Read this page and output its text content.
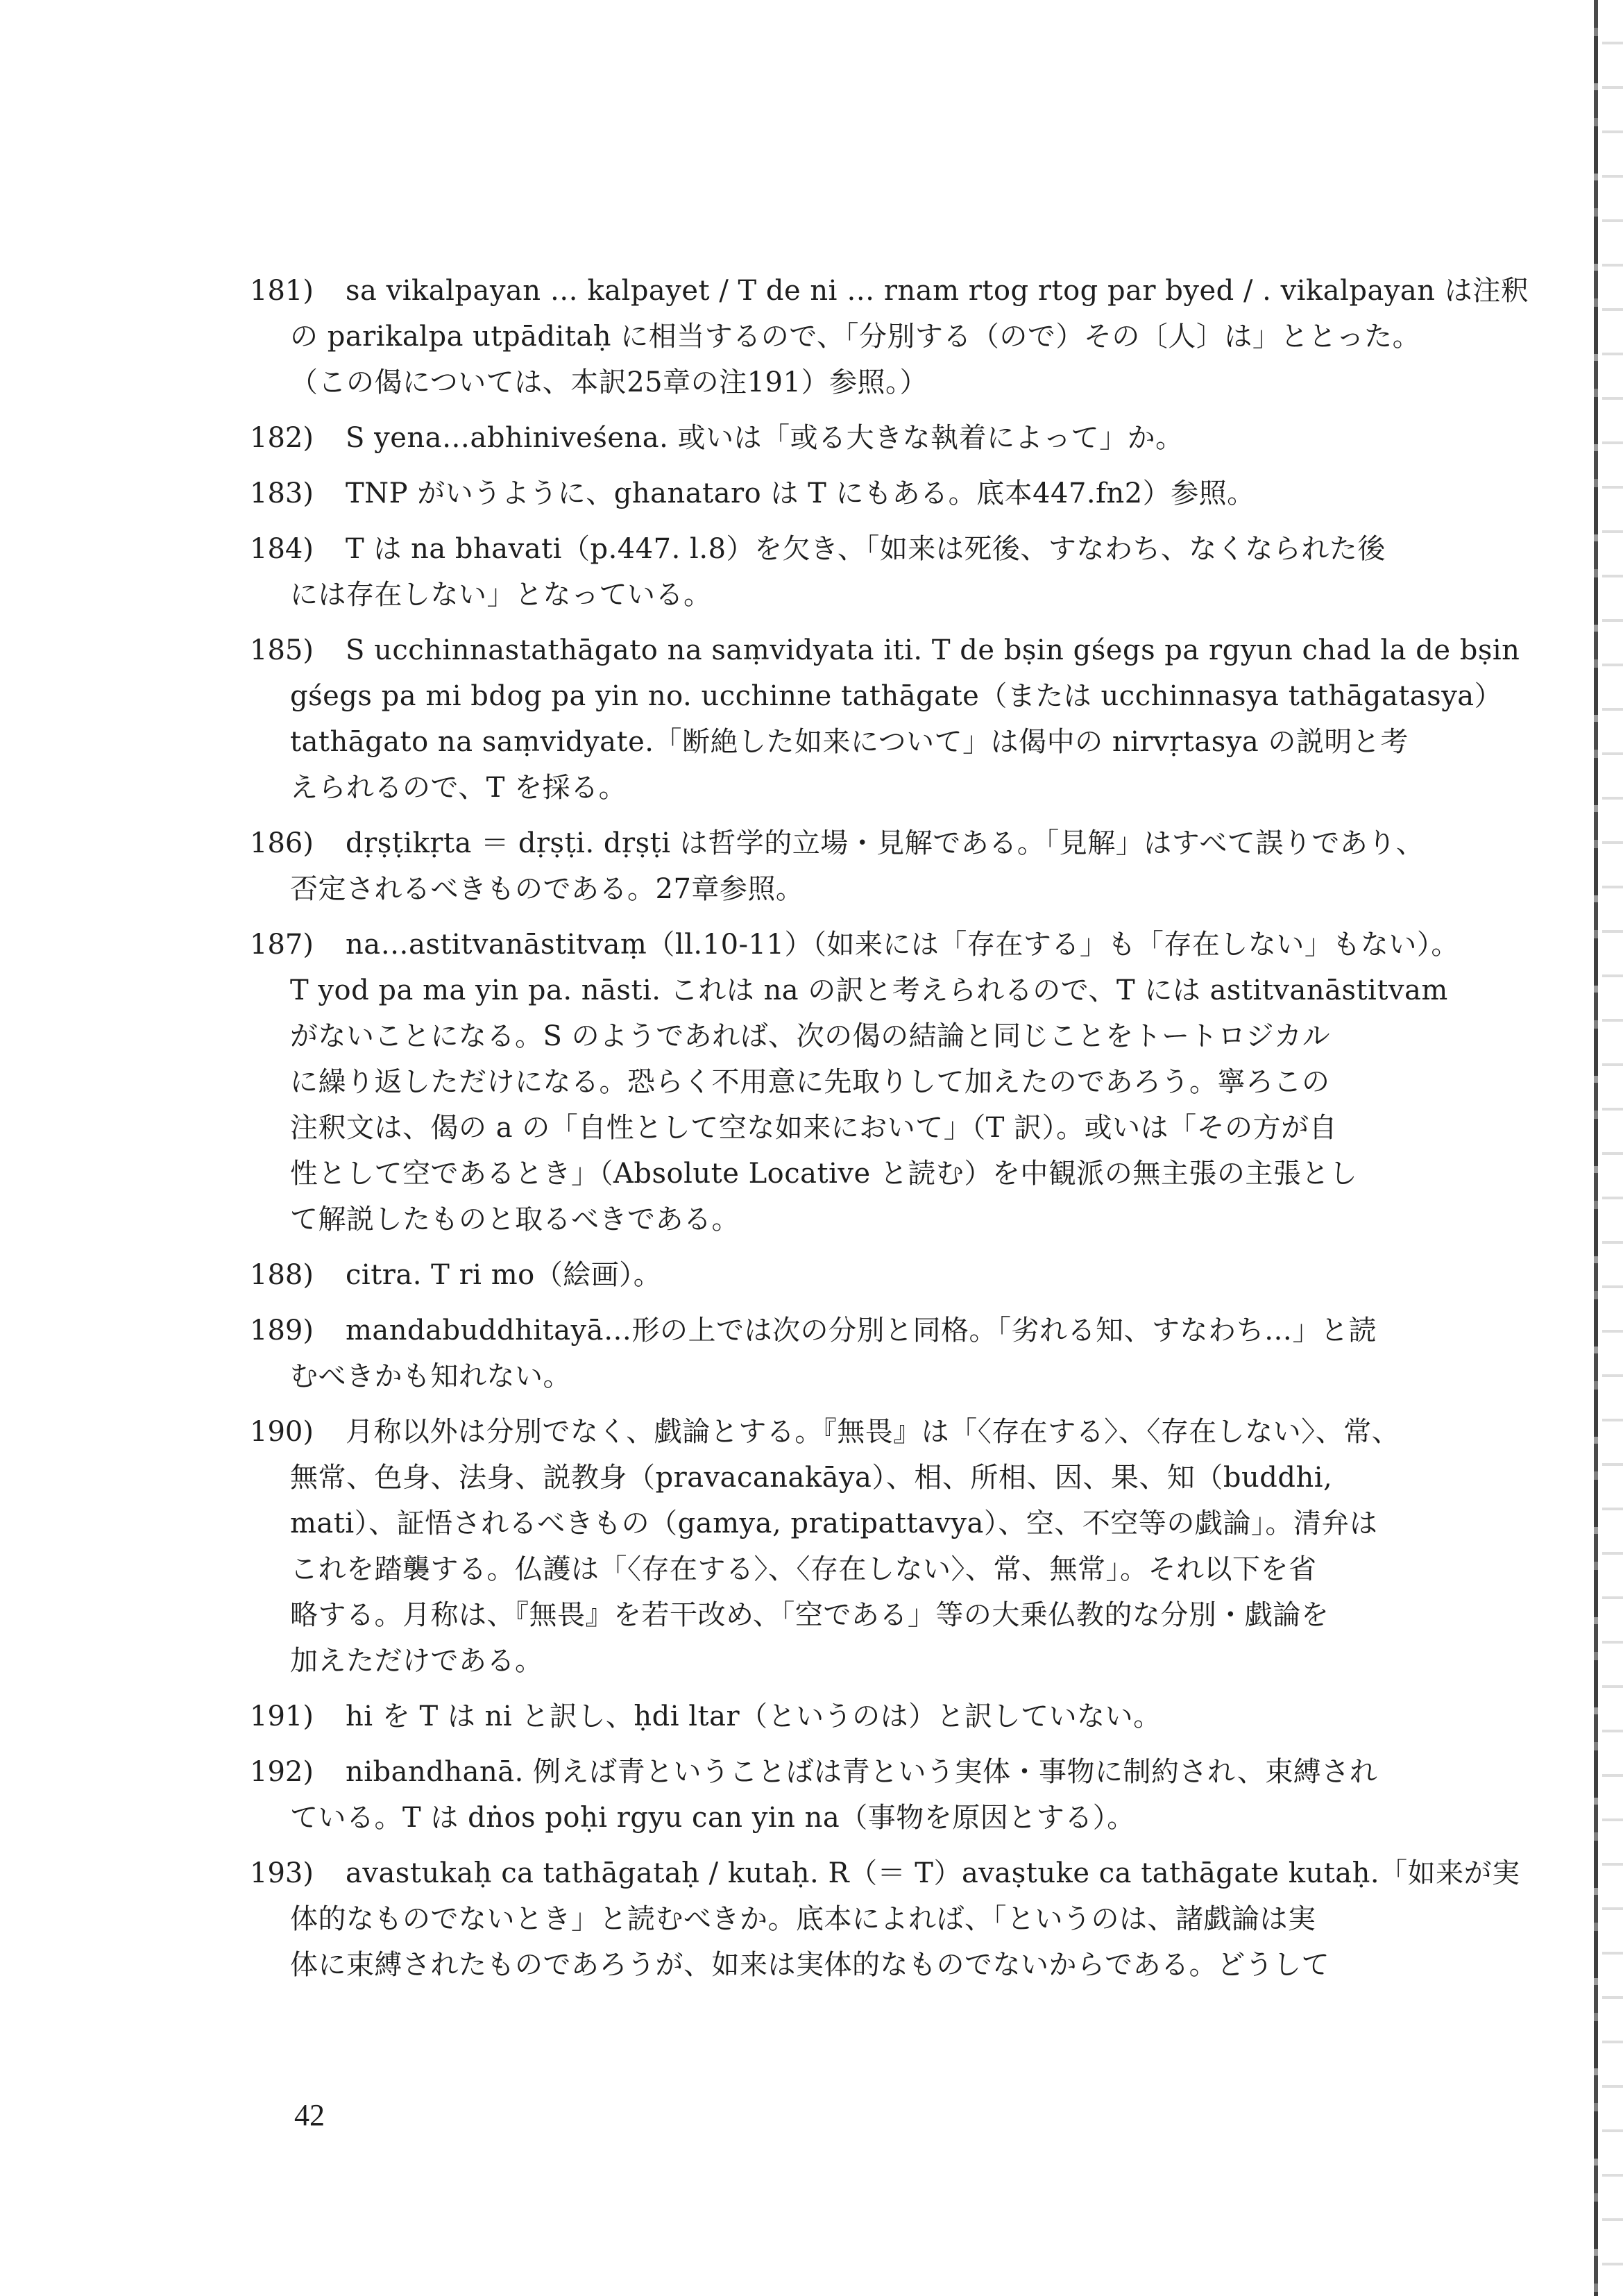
181)	sa vikalpayan … kalpayet / T de ni … rnam rtog rtog par byed / . vikalpayan は注釈
の parikalpa utpāditaḥ に相当するので、「分別する（ので）その〔人〕は」ととった。
（この偈については、本訳25章の注191）参照。）
182)	S yena…abhiniveśena. 或いは「或る大きな執着によって」か。
183)	TNP がいうように、ghanataro は T にもある。底本447.fn2）参照。
184)	T は na bhavati（p.447. l.8）を欠き、「如来は死後、すなわち、なくなられた後
には存在しない」となっている。
185)	S ucchinnastathāgato na saṃvidyata iti. T de bṣin gśegs pa rgyun chad la de bṣin
gśegs pa mi bdog pa yin no. ucchinne tathāgate（または ucchinnasya tathāgatasya）
tathāgato na saṃvidyate.「断絶した如来について」は偈中の nirvṛtasya の説明と考
えられるので、T を採る。
186)	dṛṣṭikṛta ＝ dṛṣṭi. dṛṣṭi は哲学的立場・見解である。「見解」はすべて誤りであり、
否定されるべきものである。27章参照。
187)	na…astitvanāstitvaṃ（ll.10-11）（如来には「存在する」も「存在しない」もない）。
T yod pa ma yin pa. nāsti. これは na の訳と考えられるので、T には astitvanāstitvam
がないことになる。S のようであれば、次の偈の結論と同じことをトートロジカル
に繰り返しただけになる。恐らく不用意に先取りして加えたのであろう。寧ろこの
注釈文は、偈の a の「自性として空な如来において」（T 訳）。或いは「その方が自
性として空であるとき」（Absolute Locative と読む）を中観派の無主張の主張とし
て解説したものと取るべきである。
188)	citra. T ri mo（絵画）。
189)	mandabuddhitayā…形の上では次の分別と同格。「劣れる知、すなわち…」と読
むべきかも知れない。
190)	月称以外は分別でなく、戯論とする。『無畏』は「〈存在する〉、〈存在しない〉、常、
無常、色身、法身、説教身（pravacanakāya）、相、所相、因、果、知（buddhi,
mati）、証悟されるべきもの（gamya, pratipattavya）、空、不空等の戯論」。清弁は
これを踏襲する。仏護は「〈存在する〉、〈存在しない〉、常、無常」。それ以下を省
略する。月称は、『無畏』を若干改め、「空である」等の大乗仏教的な分別・戯論を
加えただけである。
191)	hi を T は ni と訳し、ḥdi ltar（というのは）と訳していない。
192)	nibandhanā. 例えば青ということばは青という実体・事物に制約され、束縛され
ている。T は dṅos poḥi rgyu can yin na（事物を原因とする）。
193)	avastukaḥ ca tathāgataḥ / kutaḥ. R（＝ T）avaṣtuke ca tathāgate kutaḥ.「如来が実
体的なものでないとき」と読むべきか。底本によれば、「というのは、諸戯論は実
体に束縛されたものであろうが、如来は実体的なものでないからである。どうして
42
